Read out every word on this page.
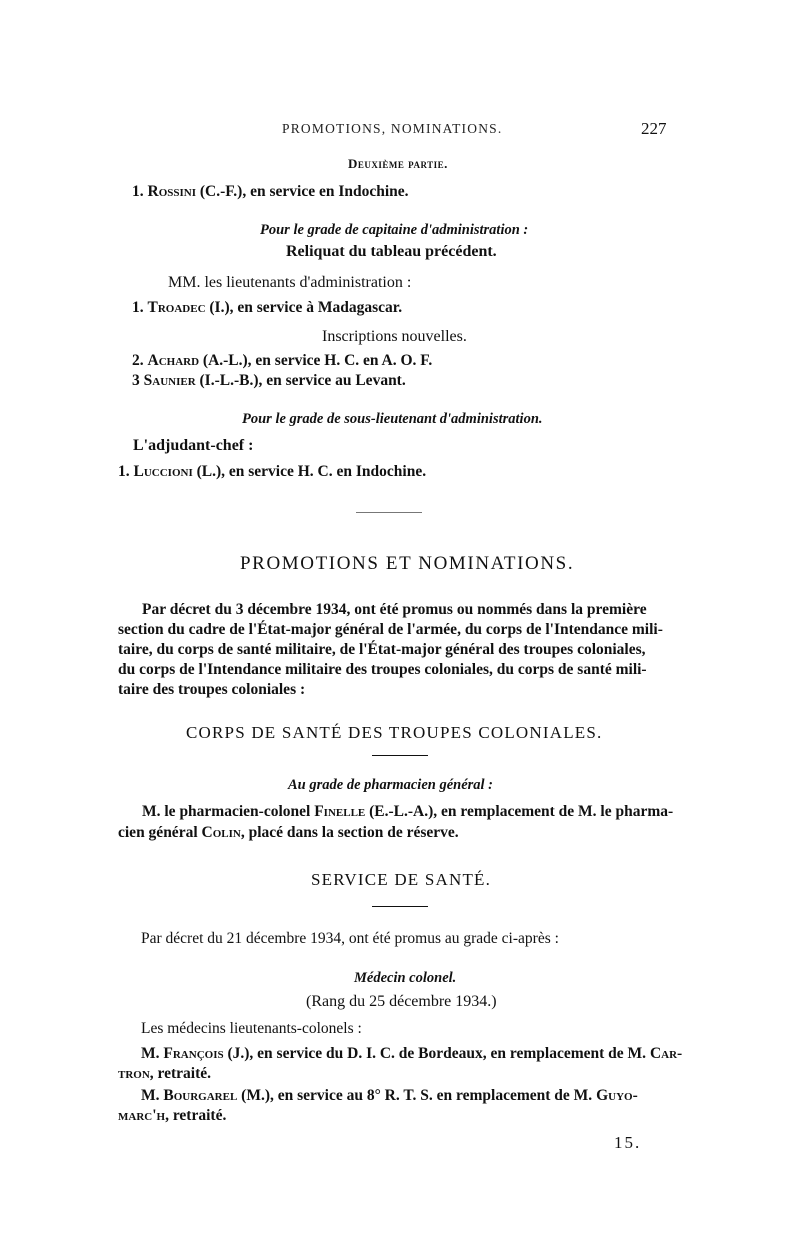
PROMOTIONS, NOMINATIONS.	227
Deuxième partie.
1. Rossini (C.-F.), en service en Indochine.
Pour le grade de capitaine d'administration :
Reliquat du tableau précédent.
MM. les lieutenants d'administration :
1. Troadec (I.), en service à Madagascar.
Inscriptions nouvelles.
2. Achard (A.-L.), en service H. C. en A. O. F.
3 Saunier (I.-L.-B.), en service au Levant.
Pour le grade de sous-lieutenant d'administration.
L'adjudant-chef :
1. Luccioni (L.), en service H. C. en Indochine.
PROMOTIONS ET NOMINATIONS.
Par décret du 3 décembre 1934, ont été promus ou nommés dans la première
section du cadre de l'État-major général de l'armée, du corps de l'Intendance mili-
taire, du corps de santé militaire, de l'État-major général des troupes coloniales,
du corps de l'Intendance militaire des troupes coloniales, du corps de santé mili-
taire des troupes coloniales :
CORPS DE SANTÉ DES TROUPES COLONIALES.
Au grade de pharmacien général :
M. le pharmacien-colonel Finelle (E.-L.-A.), en remplacement de M. le pharma-
cien général Colin, placé dans la section de réserve.
SERVICE DE SANTÉ.
Par décret du 21 décembre 1934, ont été promus au grade ci-après :
Médecin colonel.
(Rang du 25 décembre 1934.)
Les médecins lieutenants-colonels :
M. François (J.), en service du D. I. C. de Bordeaux, en remplacement de M. Car-
tron, retraité.
M. Bourgarel (M.), en service au 8° R. T. S. en remplacement de M. Guyo-
marc'h, retraité.
15.
